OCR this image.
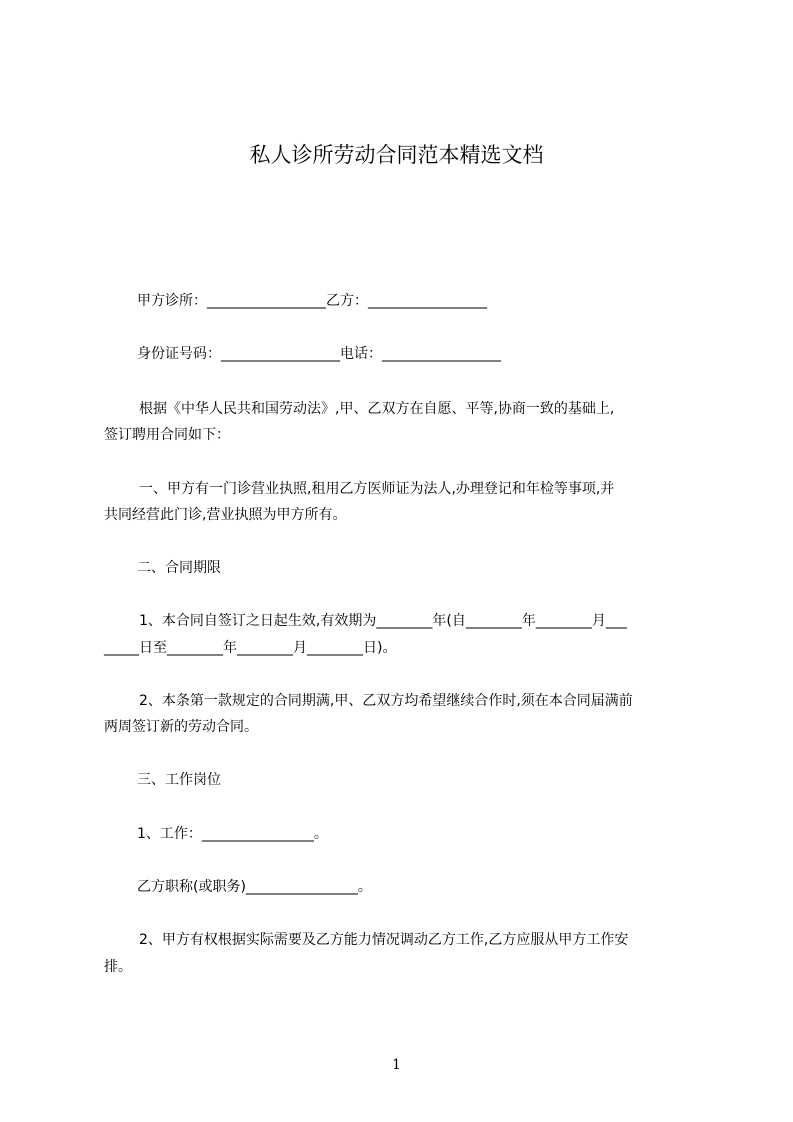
私人诊所劳动合同范本精选文档
甲方诊所：_________________乙方：_________________
身份证号码：_________________电话：_________________
根据《中华人民共和国劳动法》,甲、乙双方在自愿、平等,协商一致的基础上,
签订聘用合同如下：
一、甲方有一门诊营业执照,租用乙方医师证为法人,办理登记和年检等事项,并
共同经营此门诊,营业执照为甲方所有。
二、合同期限
1、本合同自签订之日起生效,有效期为________年(自________年________月___
_____日至________年________月________日)。
2、本条第一款规定的合同期满,甲、乙双方均希望继续合作时,须在本合同届满前
两周签订新的劳动合同。
三、工作岗位
1、工作：________________。
乙方职称(或职务)________________。
2、甲方有权根据实际需要及乙方能力情况调动乙方工作,乙方应服从甲方工作安
排。
1
